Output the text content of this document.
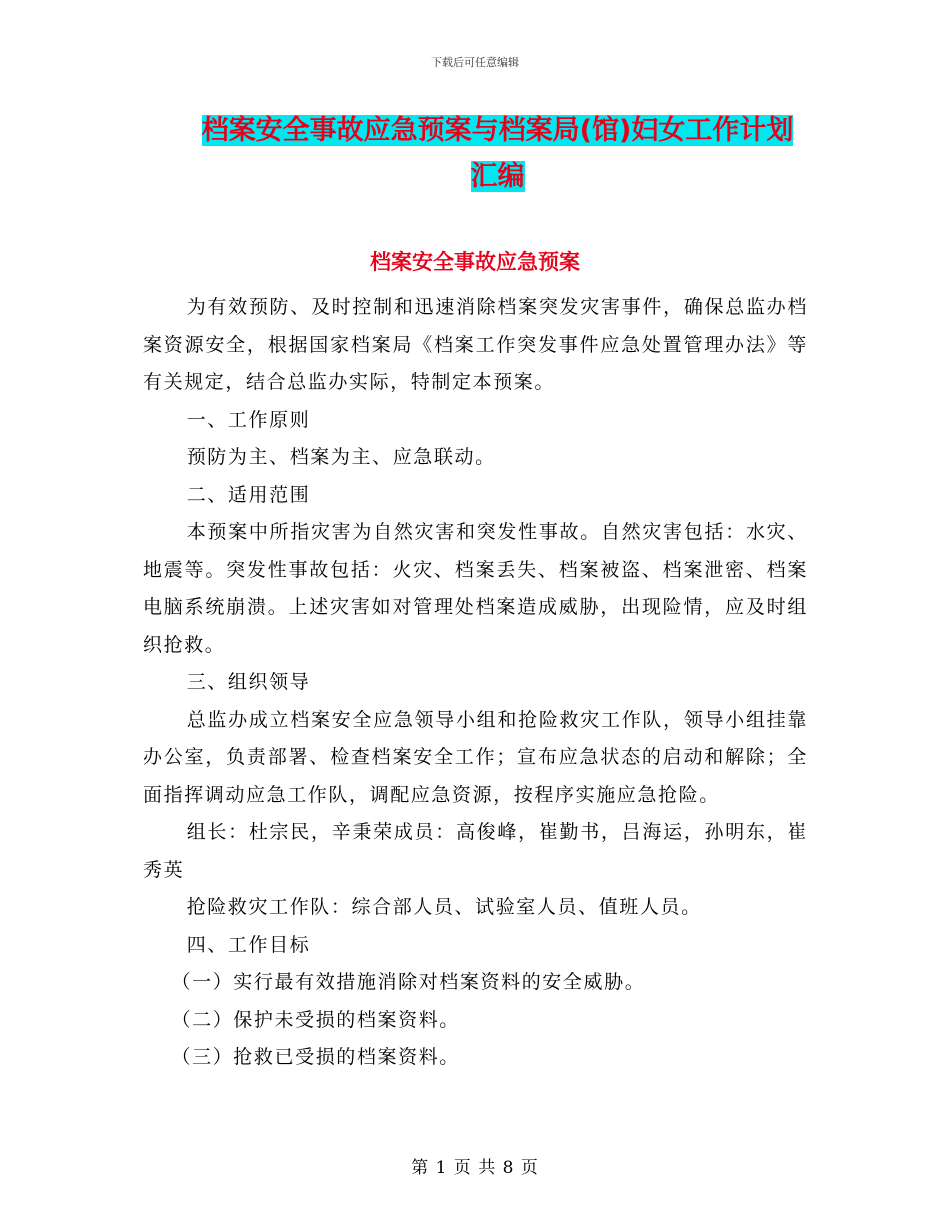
下载后可任意编辑
档案安全事故应急预案与档案局(馆)妇女工作计划汇编
档案安全事故应急预案

为有效预防、及时控制和迅速消除档案突发灾害事件，确保总监办档案资源安全，根据国家档案局《档案工作突发事件应急处置管理办法》等有关规定，结合总监办实际，特制定本预案。

一、工作原则

预防为主、档案为主、应急联动。

二、适用范围

本预案中所指灾害为自然灾害和突发性事故。自然灾害包括：水灾、地震等。突发性事故包括：火灾、档案丢失、档案被盗、档案泄密、档案电脑系统崩溃。上述灾害如对管理处档案造成威胁，出现险情，应及时组织抢救。

三、组织领导

总监办成立档案安全应急领导小组和抢险救灾工作队，领导小组挂靠办公室，负责部署、检查档案安全工作；宣布应急状态的启动和解除；全面指挥调动应急工作队，调配应急资源，按程序实施应急抢险。

组长：杜宗民，辛秉荣成员：高俊峰，崔勤书，吕海运，孙明东，崔秀英

抢险救灾工作队：综合部人员、试验室人员、值班人员。

四、工作目标

（一）实行最有效措施消除对档案资料的安全威胁。

（二）保护未受损的档案资料。

（三）抢救已受损的档案资料。

第 1 页 共 8 页
